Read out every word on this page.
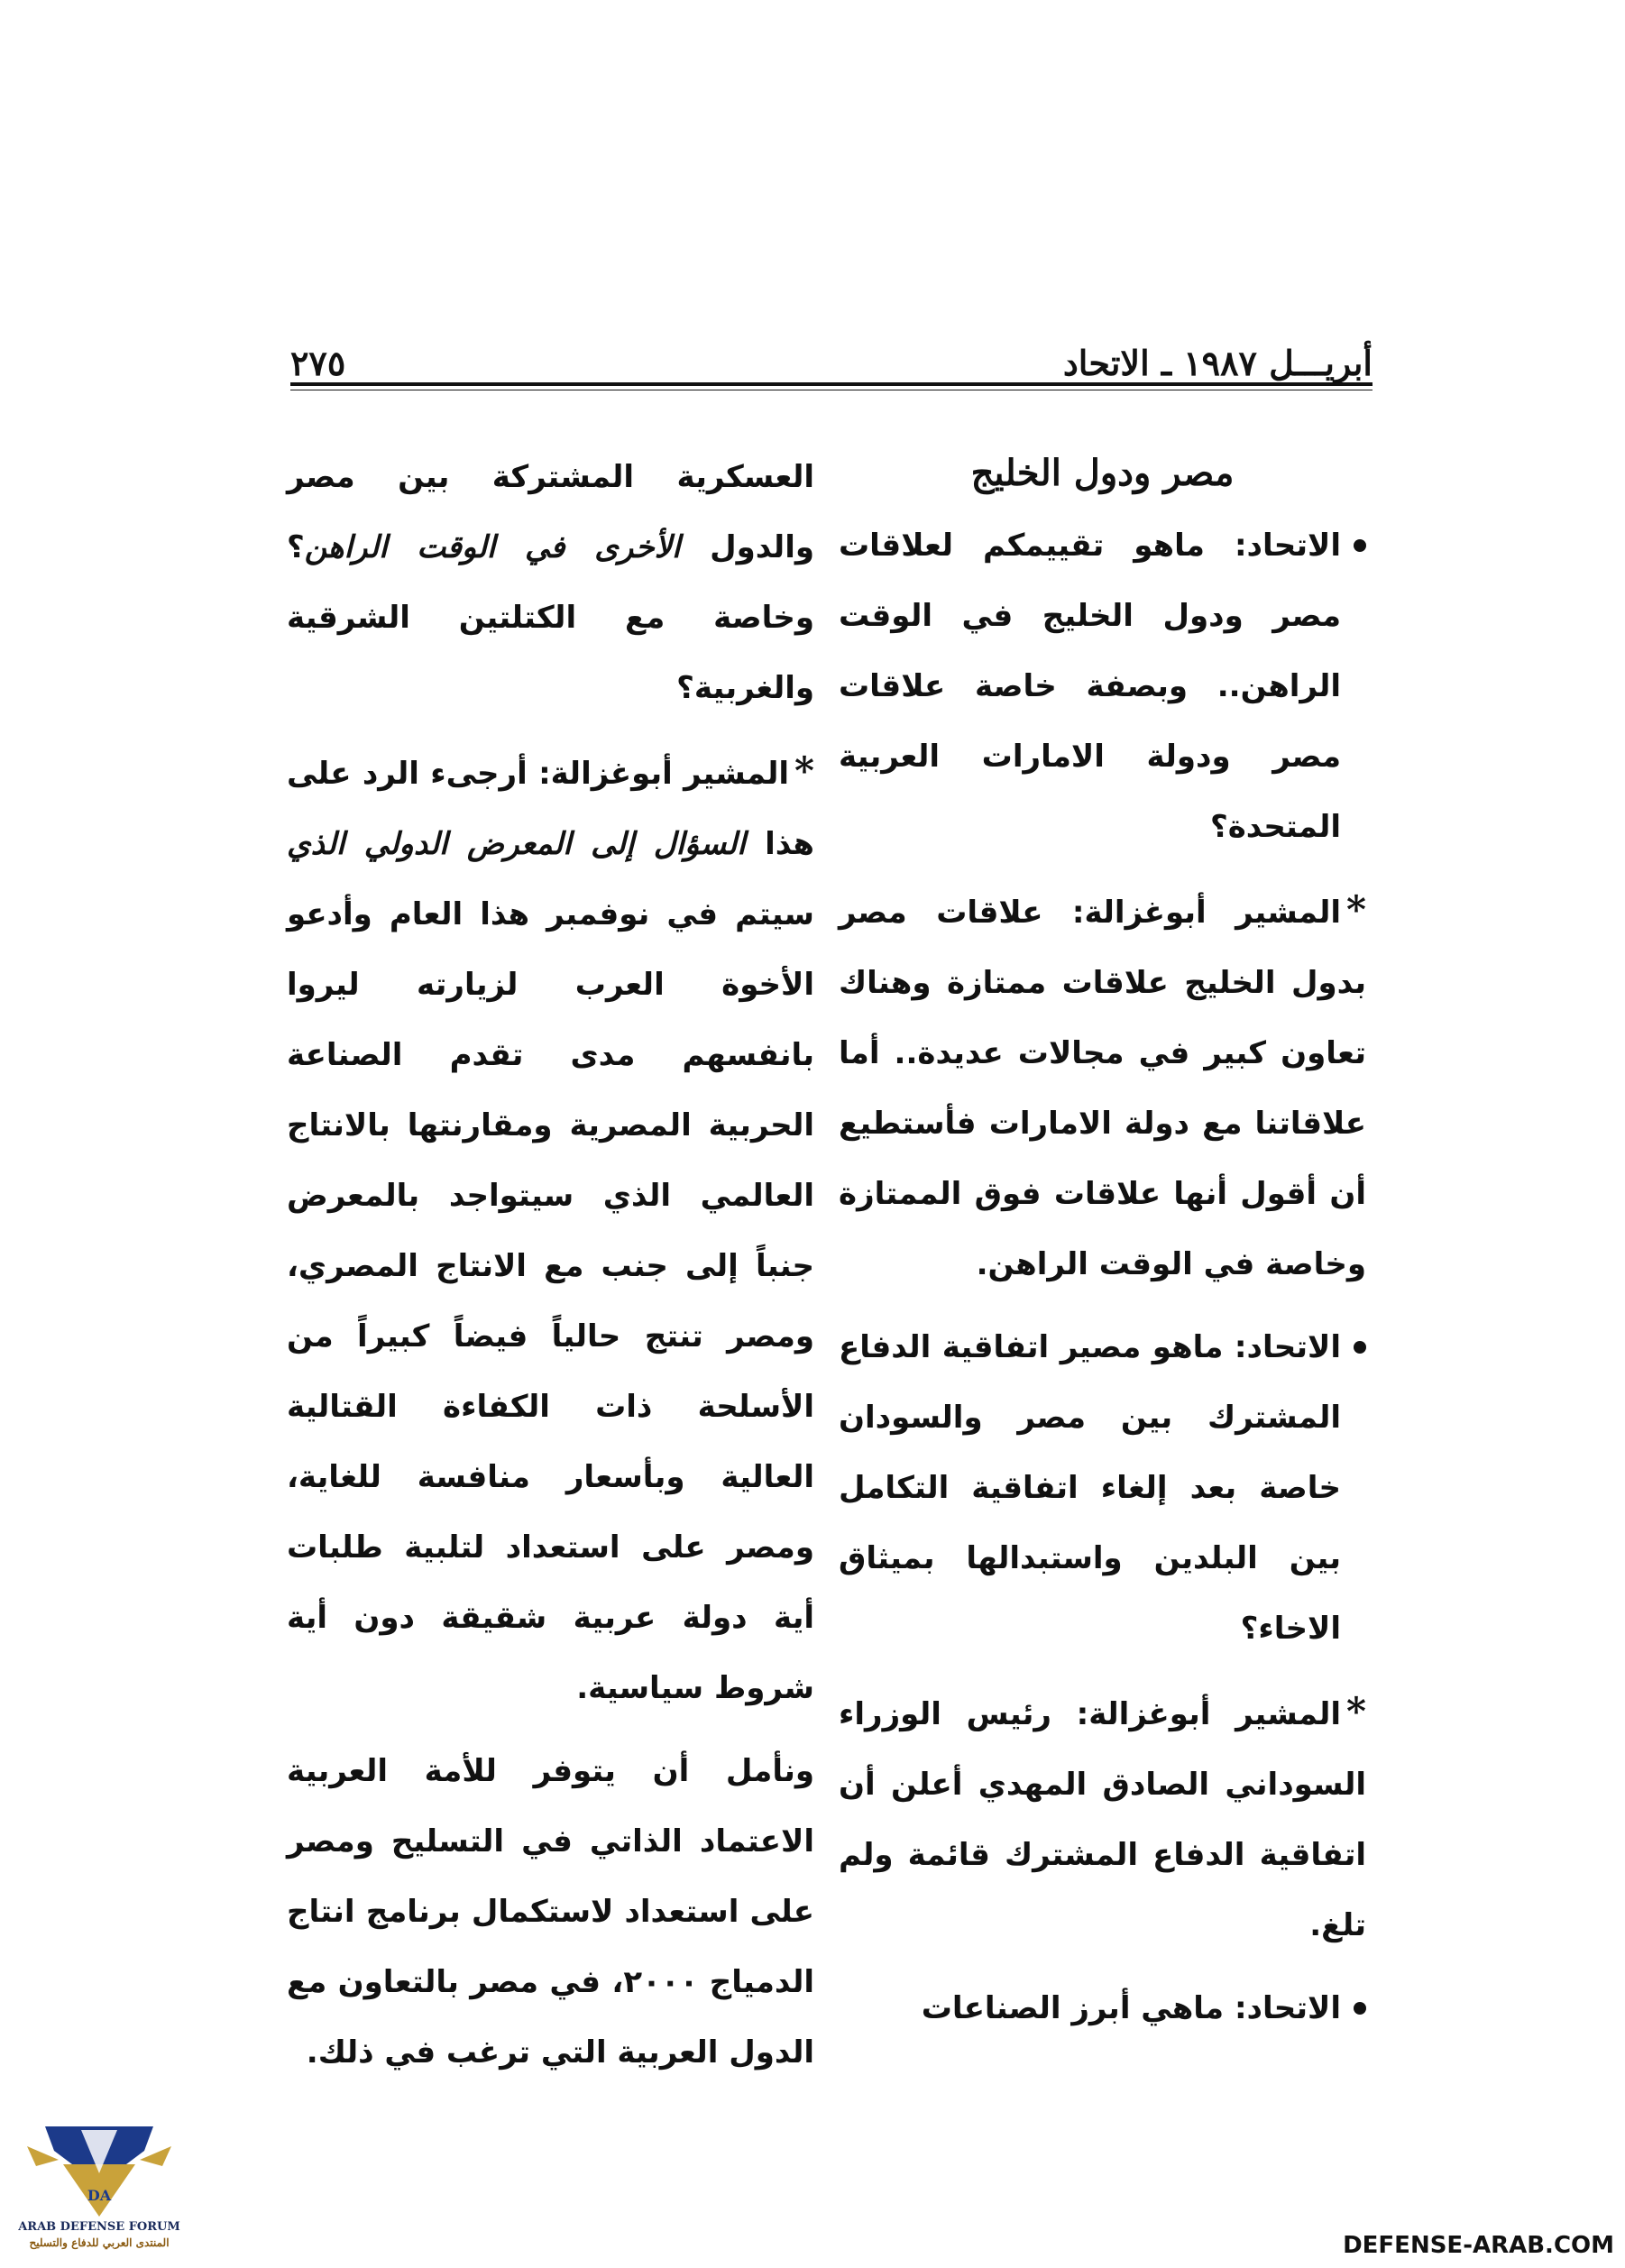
أبريـــل ١٩٨٧ ـ الاتحاد
٢٧٥
مصر ودول الخليج

الاتحاد: ماهو تقييمكم لعلاقات مصر ودول الخليج في الوقت الراهن.. وبصفة خاصة علاقات مصر ودولة الامارات العربية المتحدة؟

*المشير أبوغزالة: علاقات مصر بدول الخليج علاقات ممتازة وهناك تعاون كبير في مجالات عديدة.. أما علاقاتنا مع دولة الامارات فأستطيع أن أقول أنها علاقات فوق الممتازة وخاصة في الوقت الراهن.

الاتحاد: ماهو مصير اتفاقية الدفاع المشترك بين مصر والسودان خاصة بعد إلغاء اتفاقية التكامل بين البلدين واستبدالها بميثاق الاخاء؟

*المشير أبوغزالة: رئيس الوزراء السوداني الصادق المهدي أعلن أن اتفاقية الدفاع المشترك قائمة ولم تلغ.

الاتحاد: ماهي أبرز الصناعات

العسكرية المشتركة بين مصر والدول الأخرى في الوقت الراهن؟ وخاصة مع الكتلتين الشرقية والغربية؟

*المشير أبوغزالة: أرجىء الرد على هذا السؤال إلى المعرض الدولي الذي سيتم في نوفمبر هذا العام وأدعو الأخوة العرب لزيارته ليروا بانفسهم مدى تقدم الصناعة الحربية المصرية ومقارنتها بالانتاج العالمي الذي سيتواجد بالمعرض جنباً إلى جنب مع الانتاج المصري، ومصر تنتج حالياً فيضاً كبيراً من الأسلحة ذات الكفاءة القتالية العالية وبأسعار منافسة للغاية، ومصر على استعداد لتلبية طلبات أية دولة عربية شقيقة دون أية شروط سياسية.

ونأمل أن يتوفر للأمة العربية الاعتماد الذاتي في التسليح ومصر على استعداد لاستكمال برنامج انتاج الدمياج ٢٠٠٠، في مصر بالتعاون مع الدول العربية التي ترغب في ذلك.

DA
ARAB DEFENSE FORUM
المنتدى العربي للدفاع والتسليح	DEFENSE-ARAB.COM
